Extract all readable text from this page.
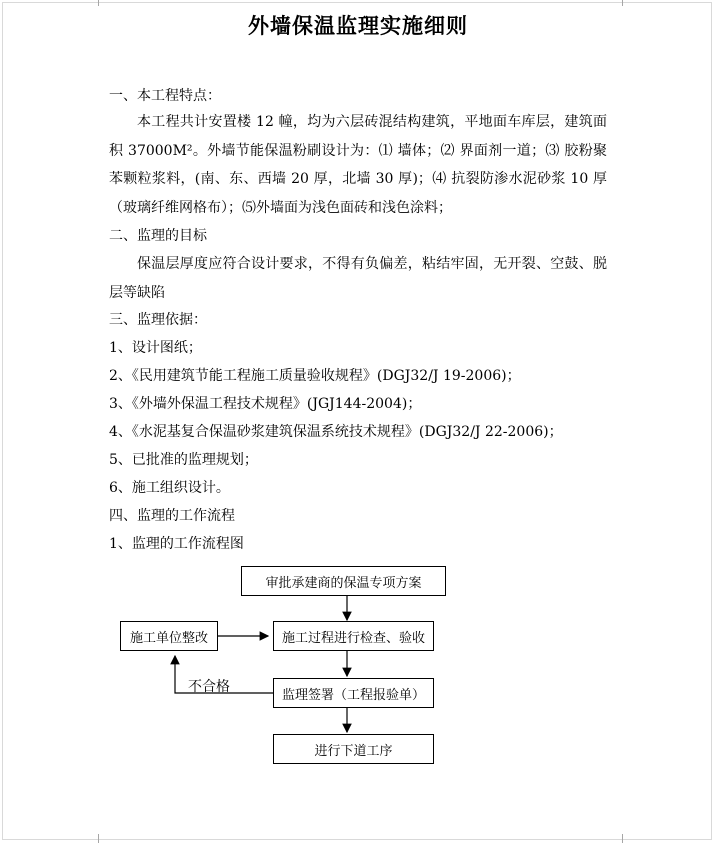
外墙保温监理实施细则
一、本工程特点：
本工程共计安置楼 12 幢，均为六层砖混结构建筑，平地面车库层，建筑面积 37000M²。外墙节能保温粉刷设计为：⑴ 墙体；⑵ 界面剂一道；⑶ 胶粉聚苯颗粒浆料，(南、东、西墙 20 厚，北墙 30 厚)；⑷ 抗裂防渗水泥砂浆 10 厚（玻璃纤维网格布）；⑸外墙面为浅色面砖和浅色涂料；
二、监理的目标
保温层厚度应符合设计要求，不得有负偏差，粘结牢固，无开裂、空鼓、脱层等缺陷
三、监理依据：
1、设计图纸；
2、《民用建筑节能工程施工质量验收规程》(DGJ32/J 19-2006)；
3、《外墙外保温工程技术规程》(JGJ144-2004)；
4、《水泥基复合保温砂浆建筑保温系统技术规程》(DGJ32/J 22-2006)；
5、已批准的监理规划；
6、施工组织设计。
四、监理的工作流程
1、监理的工作流程图
审批承建商的保温专项方案
施工单位整改	施工过程进行检查、验收
监理签署（工程报验单）
进行下道工序
不合格
